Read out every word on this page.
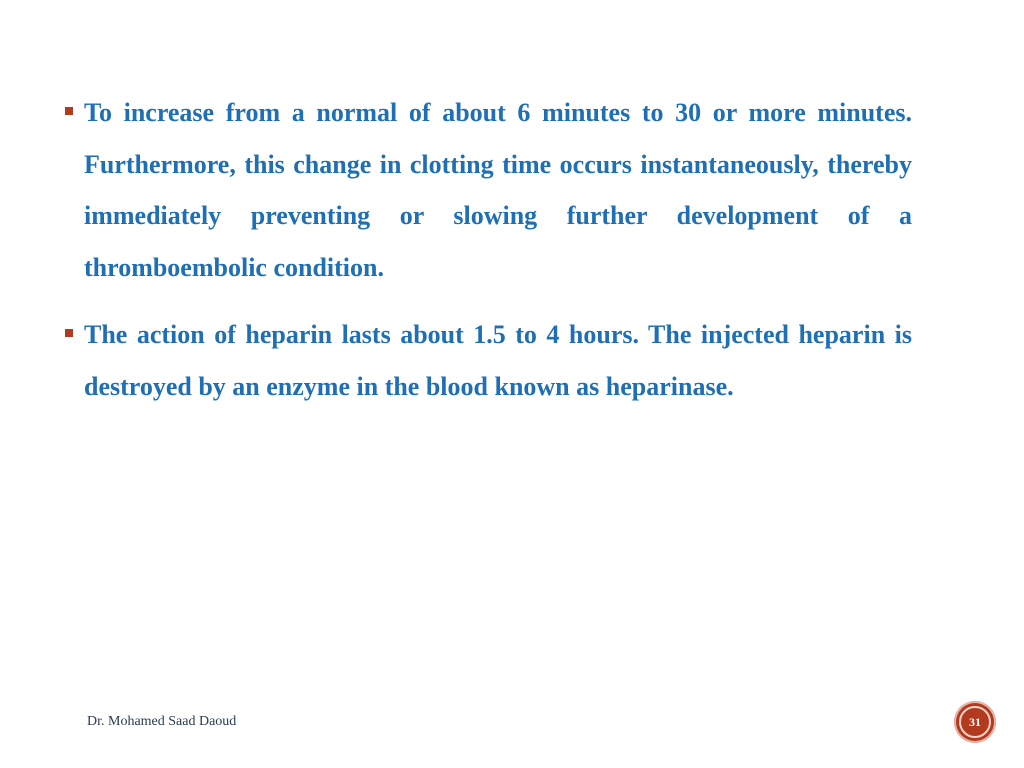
To increase from a normal of about 6 minutes to 30 or more minutes. Furthermore, this change in clotting time occurs instantaneously, thereby immediately preventing or slowing further development of a thromboembolic condition.
The action of heparin lasts about 1.5 to 4 hours. The injected heparin is destroyed by an enzyme in the blood known as heparinase.
Dr. Mohamed Saad Daoud	31
